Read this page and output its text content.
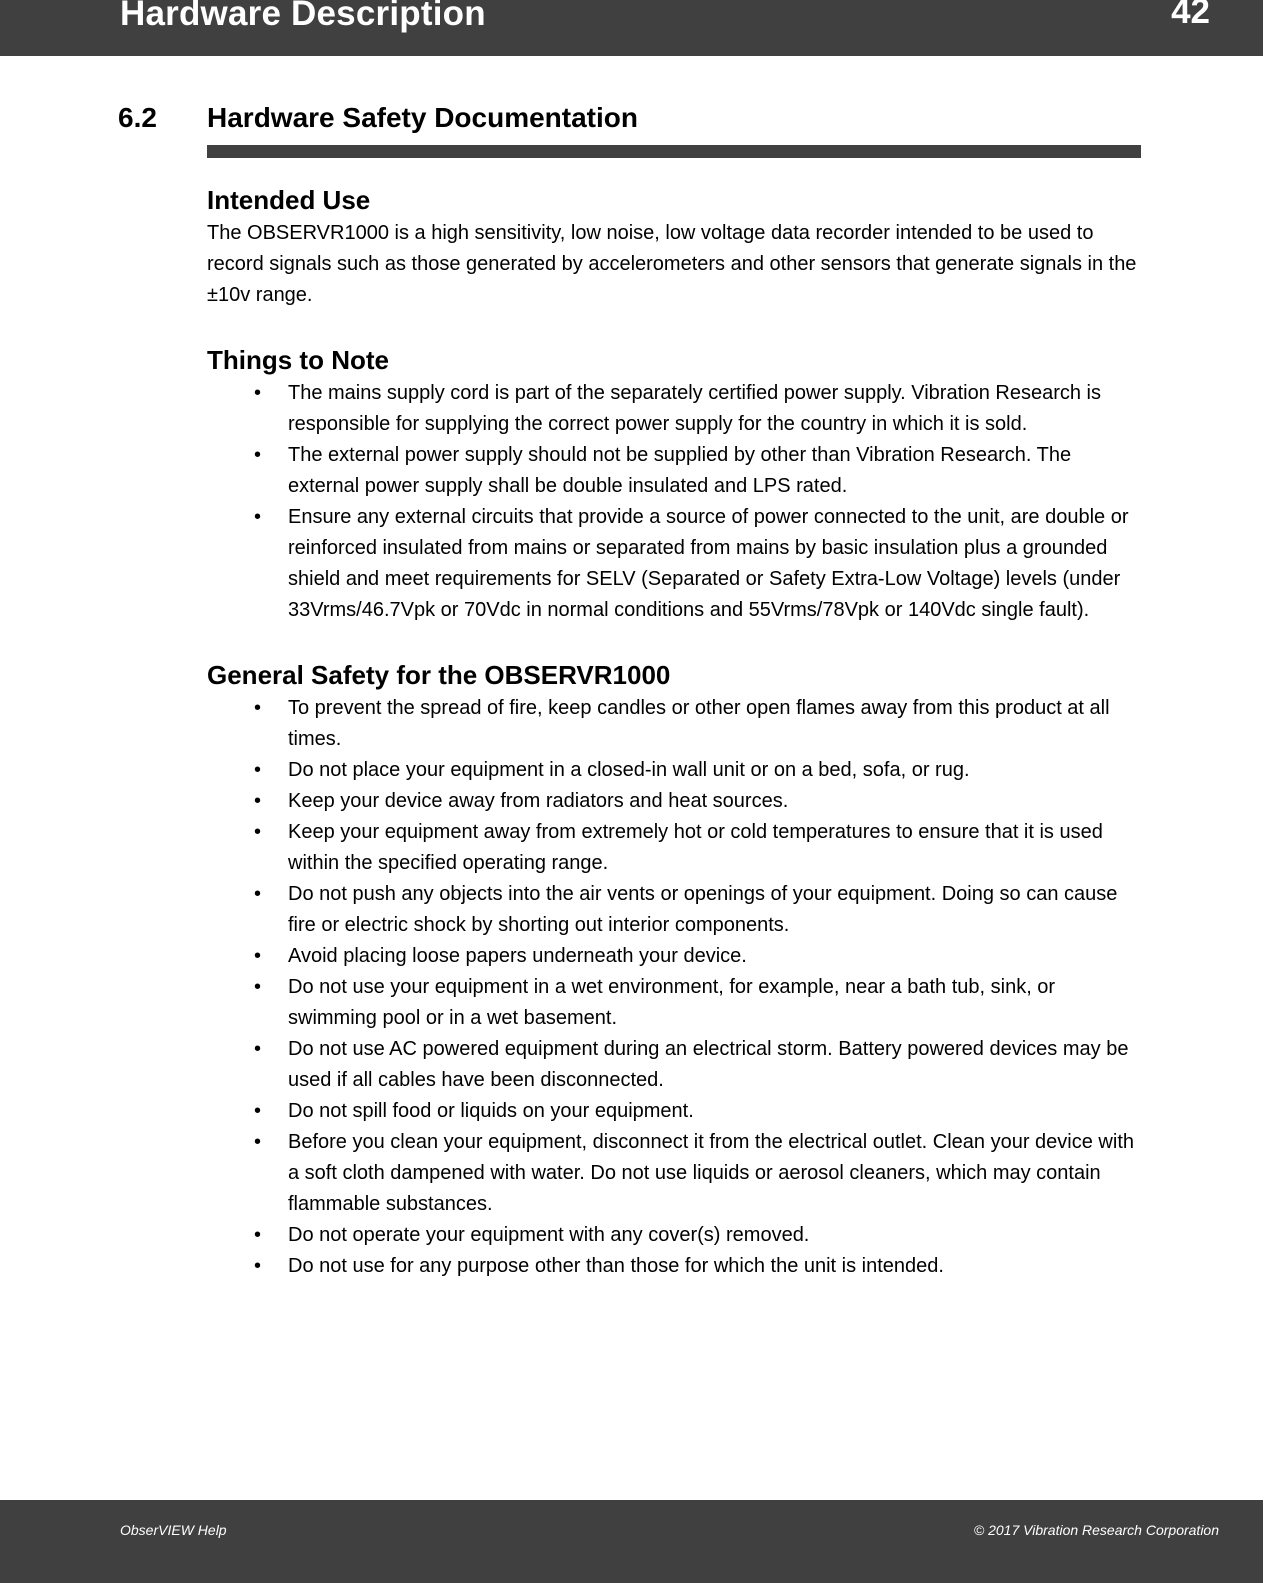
Hardware Description	42
6.2 Hardware Safety Documentation
Intended Use

The OBSERVR1000 is a high sensitivity, low noise, low voltage data recorder intended to be used to record signals such as those generated by accelerometers and other sensors that generate signals in the ±10v range.

Things to Note
• The mains supply cord is part of the separately certified power supply. Vibration Research is responsible for supplying the correct power supply for the country in which it is sold.
• The external power supply should not be supplied by other than Vibration Research. The external power supply shall be double insulated and LPS rated.
• Ensure any external circuits that provide a source of power connected to the unit, are double or reinforced insulated from mains or separated from mains by basic insulation plus a grounded shield and meet requirements for SELV (Separated or Safety Extra-Low Voltage) levels (under 33Vrms/46.7Vpk or 70Vdc in normal conditions and 55Vrms/78Vpk or 140Vdc single fault).
General Safety for the OBSERVR1000
• To prevent the spread of fire, keep candles or other open flames away from this product at all times.
• Do not place your equipment in a closed-in wall unit or on a bed, sofa, or rug.
• Keep your device away from radiators and heat sources.
• Keep your equipment away from extremely hot or cold temperatures to ensure that it is used within the specified operating range.
• Do not push any objects into the air vents or openings of your equipment. Doing so can cause fire or electric shock by shorting out interior components.
• Avoid placing loose papers underneath your device.
• Do not use your equipment in a wet environment, for example, near a bath tub, sink, or swimming pool or in a wet basement.
• Do not use AC powered equipment during an electrical storm. Battery powered devices may be used if all cables have been disconnected.
• Do not spill food or liquids on your equipment.
• Before you clean your equipment, disconnect it from the electrical outlet. Clean your device with a soft cloth dampened with water. Do not use liquids or aerosol cleaners, which may contain flammable substances.
• Do not operate your equipment with any cover(s) removed.
• Do not use for any purpose other than those for which the unit is intended.
ObserVIEW Help	© 2017 Vibration Research Corporation
